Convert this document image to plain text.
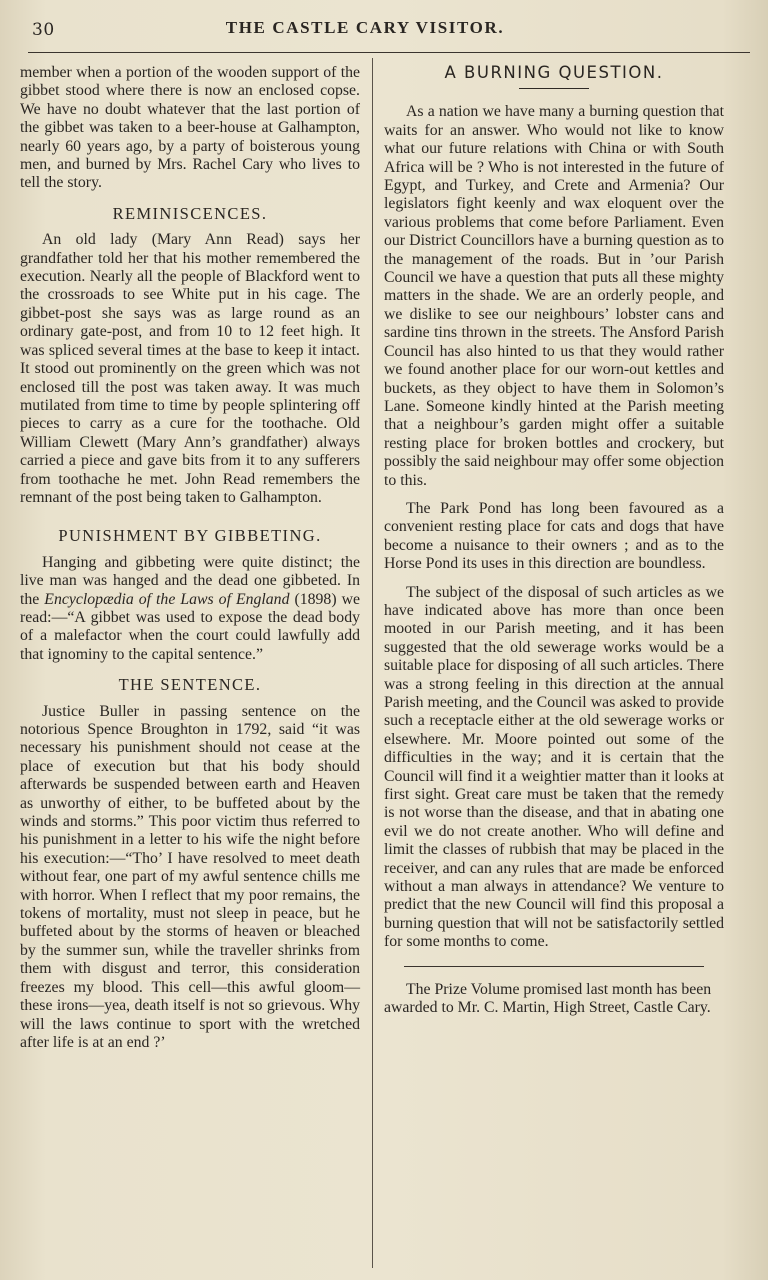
30	THE CASTLE CARY VISITOR.

member when a portion of the wooden support of the gibbet stood where there is now an enclosed copse. We have no doubt whatever that the last portion of the gibbet was taken to a beer-house at Galhampton, nearly 60 years ago, by a party of boisterous young men, and burned by Mrs. Rachel Cary who lives to tell the story.

REMINISCENCES.

An old lady (Mary Ann Read) says her grandfather told her that his mother remembered the execution. Nearly all the people of Blackford went to the crossroads to see White put in his cage. The gibbet-post she says was as large round as an ordinary gate-post, and from 10 to 12 feet high. It was spliced several times at the base to keep it intact. It stood out prominently on the green which was not enclosed till the post was taken away. It was much mutilated from time to time by people splintering off pieces to carry as a cure for the toothache. Old William Clewett (Mary Ann’s grandfather) always carried a piece and gave bits from it to any sufferers from toothache he met. John Read remembers the remnant of the post being taken to Galhampton.

PUNISHMENT BY GIBBETING.

Hanging and gibbeting were quite distinct; the live man was hanged and the dead one gibbeted. In the Encyclopædia of the Laws of England (1898) we read:—“A gibbet was used to expose the dead body of a malefactor when the court could lawfully add that ignominy to the capital sentence.”

THE SENTENCE.

Justice Buller in passing sentence on the notorious Spence Broughton in 1792, said “it was necessary his punishment should not cease at the place of execution but that his body should afterwards be suspended between earth and Heaven as unworthy of either, to be buffeted about by the winds and storms.” This poor victim thus referred to his punishment in a letter to his wife the night before his execution:—“Tho’ I have resolved to meet death without fear, one part of my awful sentence chills me with horror. When I reflect that my poor remains, the tokens of mortality, must not sleep in peace, but he buffeted about by the storms of heaven or bleached by the summer sun, while the traveller shrinks from them with disgust and terror, this consideration freezes my blood. This cell—this awful gloom—these irons—yea, death itself is not so grievous. Why will the laws continue to sport with the wretched after life is at an end ?’

A BURNING QUESTION.

As a nation we have many a burning question that waits for an answer. Who would not like to know what our future relations with China or with South Africa will be ? Who is not interested in the future of Egypt, and Turkey, and Crete and Armenia? Our legislators fight keenly and wax eloquent over the various problems that come before Parliament. Even our District Councillors have a burning question as to the management of the roads. But in ’our Parish Council we have a question that puts all these mighty matters in the shade. We are an orderly people, and we dislike to see our neighbours’ lobster cans and sardine tins thrown in the streets. The Ansford Parish Council has also hinted to us that they would rather we found another place for our worn-out kettles and buckets, as they object to have them in Solomon’s Lane. Someone kindly hinted at the Parish meeting that a neighbour’s garden might offer a suitable resting place for broken bottles and crockery, but possibly the said neighbour may offer some objection to this.

The Park Pond has long been favoured as a convenient resting place for cats and dogs that have become a nuisance to their owners ; and as to the Horse Pond its uses in this direction are boundless.

The subject of the disposal of such articles as we have indicated above has more than once been mooted in our Parish meeting, and it has been suggested that the old sewerage works would be a suitable place for disposing of all such articles. There was a strong feeling in this direction at the annual Parish meeting, and the Council was asked to provide such a receptacle either at the old sewerage works or elsewhere. Mr. Moore pointed out some of the difficulties in the way; and it is certain that the Council will find it a weightier matter than it looks at first sight. Great care must be taken that the remedy is not worse than the disease, and that in abating one evil we do not create another. Who will define and limit the classes of rubbish that may be placed in the receiver, and can any rules that are made be enforced without a man always in attendance? We venture to predict that the new Council will find this proposal a burning question that will not be satisfactorily settled for some months to come.

The Prize Volume promised last month has been awarded to Mr. C. Martin, High Street, Castle Cary.
